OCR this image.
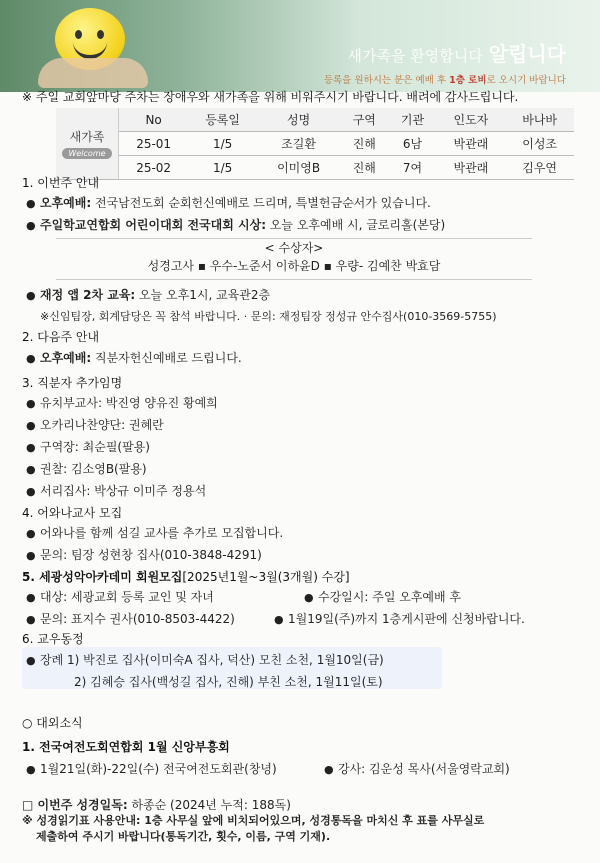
새가족을 환영합니다 알립니다
등록을 원하시는 분은 예배 후 1층 로비로 오시기 바랍니다
※ 주일 교회앞마당 주차는 장애우와 새가족을 위해 비워주시기 바랍니다. 배려에 감사드립니다.
새가족
Welcome	No	등록일	성명	구역	기관	인도자	바나바
	25-01	1/5	조길환	진해	6남	박관래	이성조
	25-02	1/5	이미영B	진해	7여	박관래	김우연
1. 이번주 안내
● 오후예배: 전국남전도회 순회헌신예배로 드리며, 특별헌금순서가 있습니다.
● 주일학교연합회 어린이대회 전국대회 시상: 오늘 오후예배 시, 글로리홀(본당)
< 수상자>
성경고사 ▪ 우수-노준서 이하윤D ▪ 우량- 김예찬 박효담
● 재정 앱 2차 교육: 오늘 오후1시, 교육관2층
※신임팀장, 회계담당은 꼭 참석 바랍니다. · 문의: 재정팀장 정성규 안수집사(010-3569-5755)
2. 다음주 안내
● 오후예배: 직분자헌신예배로 드립니다.
3. 직분자 추가임명
● 유치부교사: 박진영 양유진 황예희
● 오카리나찬양단: 권혜란
● 구역장: 최순필(팔용)
● 권찰: 김소영B(팔용)
● 서리집사: 박상규 이미주 정용석
4. 어와나교사 모집
● 어와나를 함께 섬길 교사를 추가로 모집합니다.
● 문의: 팀장 성현창 집사(010-3848-4291)
5. 세광성악아카데미 회원모집[2025년1월~3월(3개월) 수강]
● 대상: 세광교회 등록 교인 및 자녀	● 수강일시: 주일 오후예배 후
● 문의: 표지수 권사(010-8503-4422)	● 1월19일(주)까지 1층게시판에 신청바랍니다.
6. 교우동정
● 장례 1) 박진로 집사(이미숙A 집사, 덕산) 모친 소천, 1월10일(금)
2) 김혜승 집사(백성길 집사, 진해) 부친 소천, 1월11일(토)
○ 대외소식
1. 전국여전도회연합회 1월 신앙부흥회
● 1월21일(화)-22일(수) 전국여전도회관(창녕)	● 강사: 김운성 목사(서울영락교회)
□ 이번주 성경일독: 하종순 (2024년 누적: 188독)
※ 성경읽기표 사용안내: 1층 사무실 앞에 비치되어있으며, 성경통독을 마치신 후 표를 사무실로
제출하여 주시기 바랍니다(통독기간, 횟수, 이름, 구역 기재).
